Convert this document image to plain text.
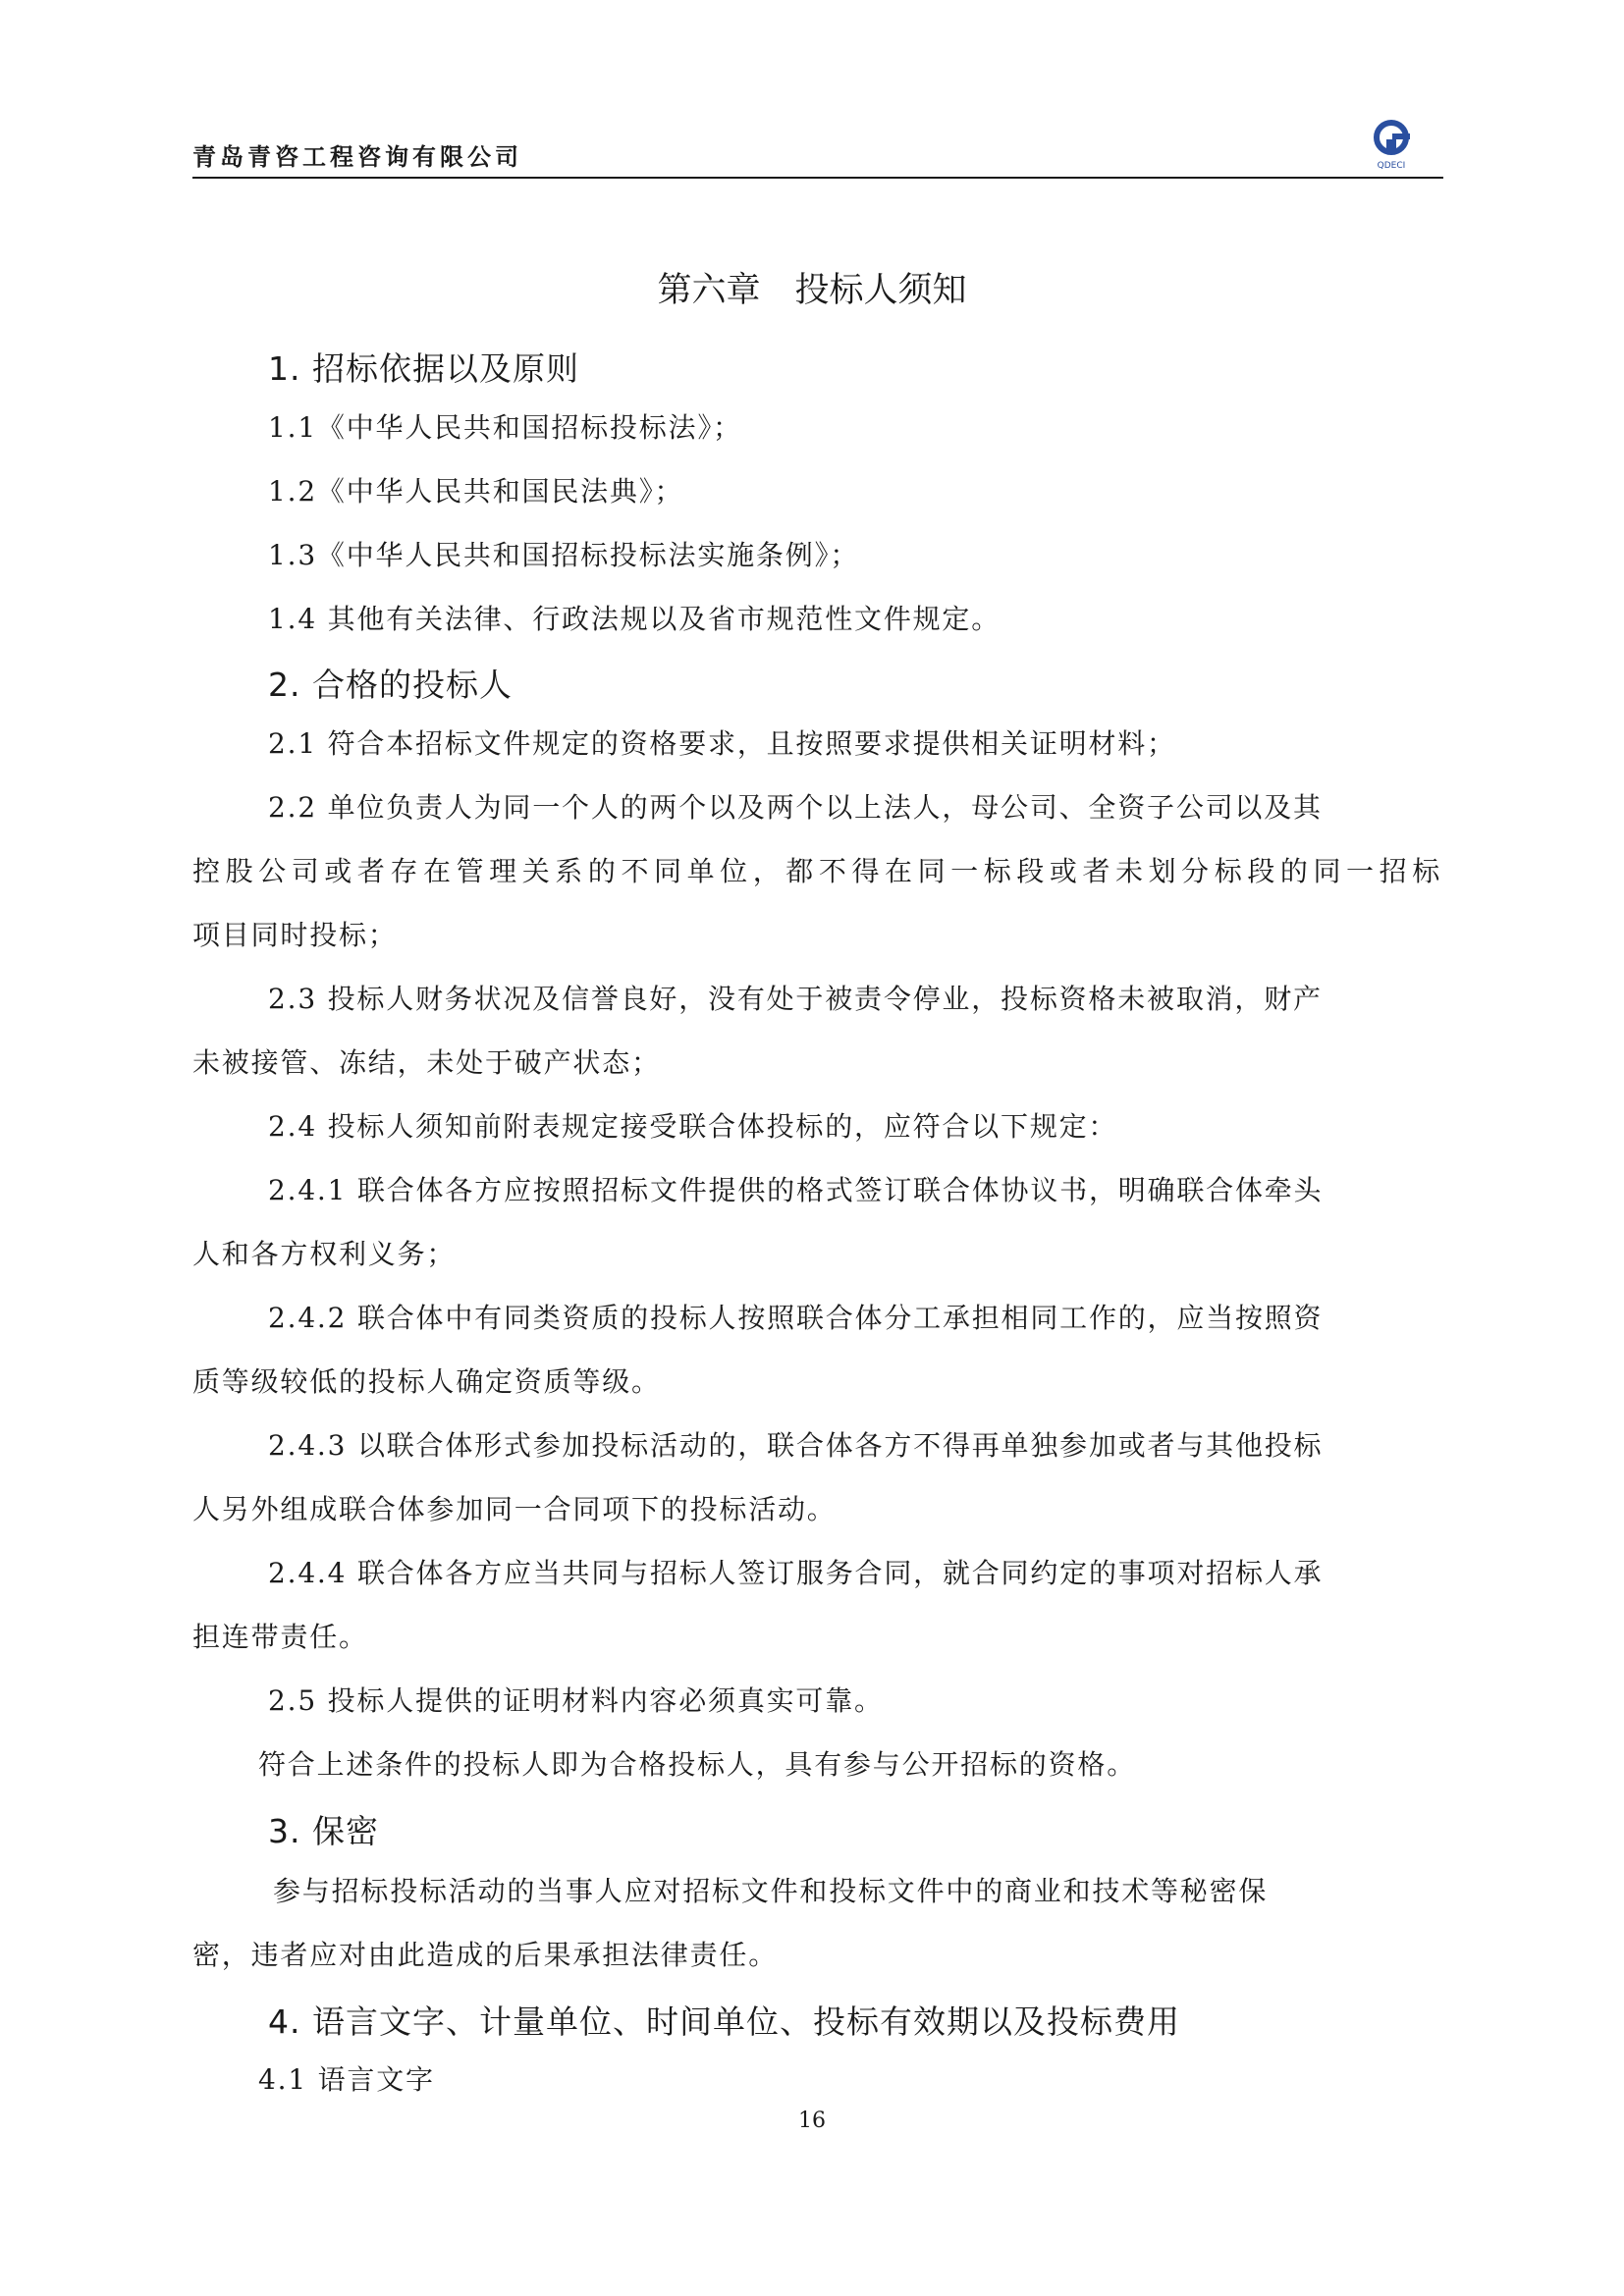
青岛青咨工程咨询有限公司	QDECI
第六章　投标人须知
1. 招标依据以及原则
1.1《中华人民共和国招标投标法》；
1.2《中华人民共和国民法典》；
1.3《中华人民共和国招标投标法实施条例》；
1.4 其他有关法律、行政法规以及省市规范性文件规定。
2. 合格的投标人
2.1 符合本招标文件规定的资格要求，且按照要求提供相关证明材料；
2.2 单位负责人为同一个人的两个以及两个以上法人，母公司、全资子公司以及其
控股公司或者存在管理关系的不同单位，都不得在同一标段或者未划分标段的同一招标
项目同时投标；
2.3 投标人财务状况及信誉良好，没有处于被责令停业，投标资格未被取消，财产
未被接管、冻结，未处于破产状态；
2.4 投标人须知前附表规定接受联合体投标的，应符合以下规定：
2.4.1 联合体各方应按照招标文件提供的格式签订联合体协议书，明确联合体牵头
人和各方权利义务；
2.4.2 联合体中有同类资质的投标人按照联合体分工承担相同工作的，应当按照资
质等级较低的投标人确定资质等级。
2.4.3 以联合体形式参加投标活动的，联合体各方不得再单独参加或者与其他投标
人另外组成联合体参加同一合同项下的投标活动。
2.4.4 联合体各方应当共同与招标人签订服务合同，就合同约定的事项对招标人承
担连带责任。
2.5 投标人提供的证明材料内容必须真实可靠。
符合上述条件的投标人即为合格投标人，具有参与公开招标的资格。
3. 保密
参与招标投标活动的当事人应对招标文件和投标文件中的商业和技术等秘密保
密，违者应对由此造成的后果承担法律责任。
4. 语言文字、计量单位、时间单位、投标有效期以及投标费用
4.1 语言文字
16
